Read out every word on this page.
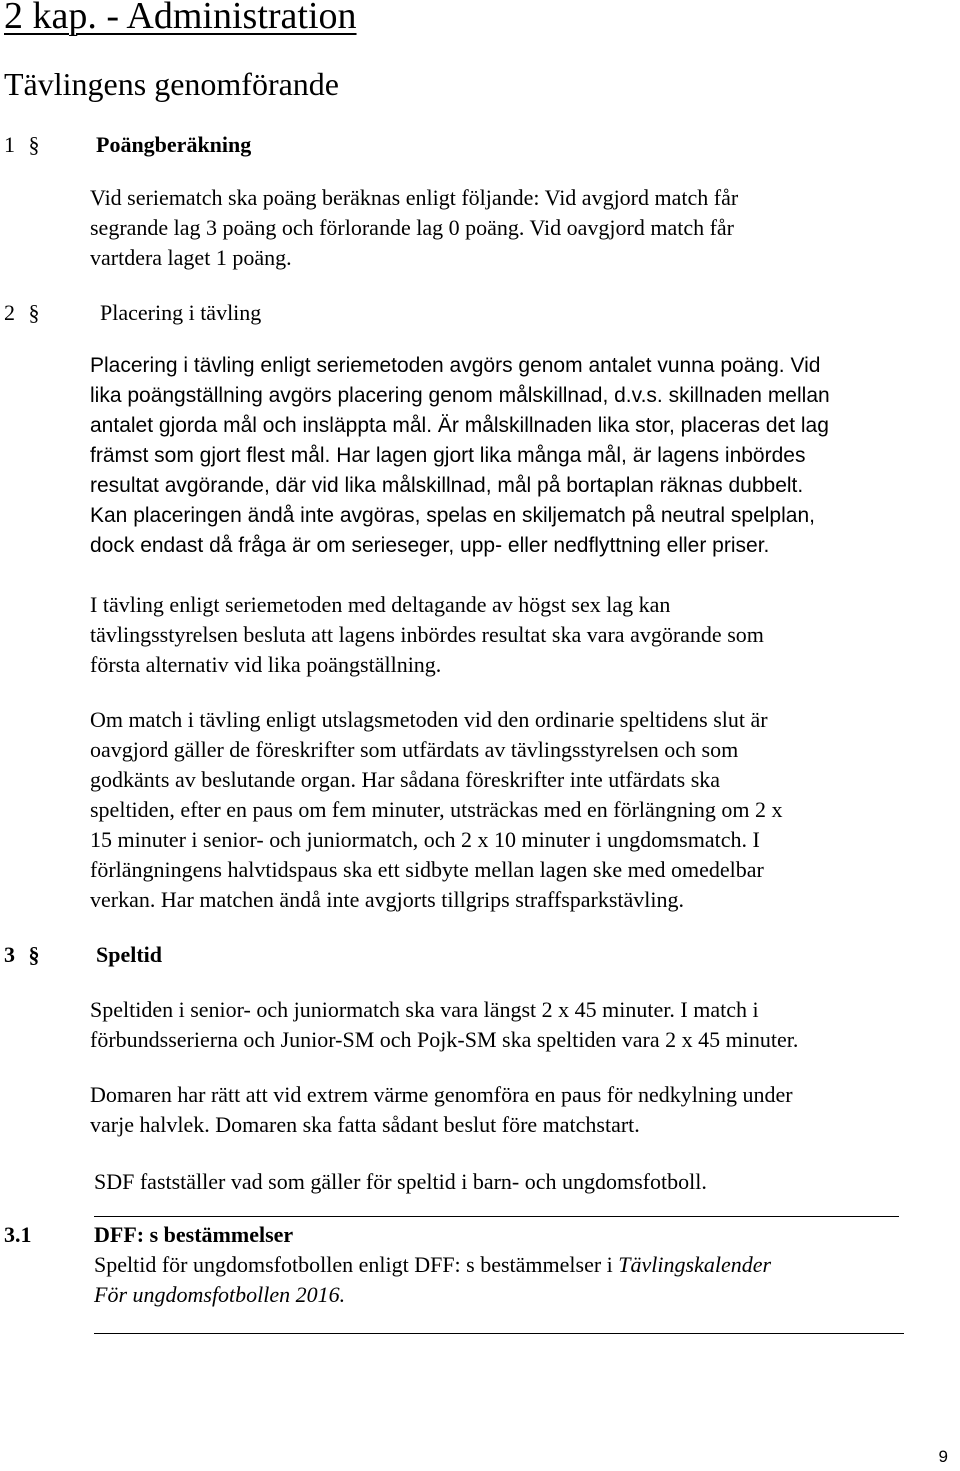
2 kap. - Administration
Tävlingens genomförande
1 §	Poängberäkning
Vid seriematch ska poäng beräknas enligt följande: Vid avgjord match får
segrande lag 3 poäng och förlorande lag 0 poäng. Vid oavgjord match får
vartdera laget 1 poäng.
2 §	Placering i tävling
Placering i tävling enligt seriemetoden avgörs genom antalet vunna poäng. Vid
lika poängställning avgörs placering genom målskillnad, d.v.s. skillnaden mellan
antalet gjorda mål och insläppta mål. Är målskillnaden lika stor, placeras det lag
främst som gjort flest mål. Har lagen gjort lika många mål, är lagens inbördes
resultat avgörande, där vid lika målskillnad, mål på bortaplan räknas dubbelt.
Kan placeringen ändå inte avgöras, spelas en skiljematch på neutral spelplan,
dock endast då fråga är om serieseger, upp- eller nedflyttning eller priser.
I tävling enligt seriemetoden med deltagande av högst sex lag kan
tävlingsstyrelsen besluta att lagens inbördes resultat ska vara avgörande som
första alternativ vid lika poängställning.
Om match i tävling enligt utslagsmetoden vid den ordinarie speltidens slut är
oavgjord gäller de föreskrifter som utfärdats av tävlingsstyrelsen och som
godkänts av beslutande organ. Har sådana föreskrifter inte utfärdats ska
speltiden, efter en paus om fem minuter, utsträckas med en förlängning om 2 x
15 minuter i senior- och juniormatch, och 2 x 10 minuter i ungdomsmatch. I
förlängningens halvtidspaus ska ett sidbyte mellan lagen ske med omedelbar
verkan. Har matchen ändå inte avgjorts tillgrips straffsparkstävling.
3 §	Speltid
Speltiden i senior- och juniormatch ska vara längst 2 x 45 minuter. I match i
förbundsserierna och Junior-SM och Pojk-SM ska speltiden vara 2 x 45 minuter.
Domaren har rätt att vid extrem värme genomföra en paus för nedkylning under
varje halvlek. Domaren ska fatta sådant beslut före matchstart.
SDF fastställer vad som gäller för speltid i barn- och ungdomsfotboll.
3.1	DFF: s bestämmelser
Speltid för ungdomsfotbollen enligt DFF: s bestämmelser i Tävlingskalender
För ungdomsfotbollen 2016.
9
